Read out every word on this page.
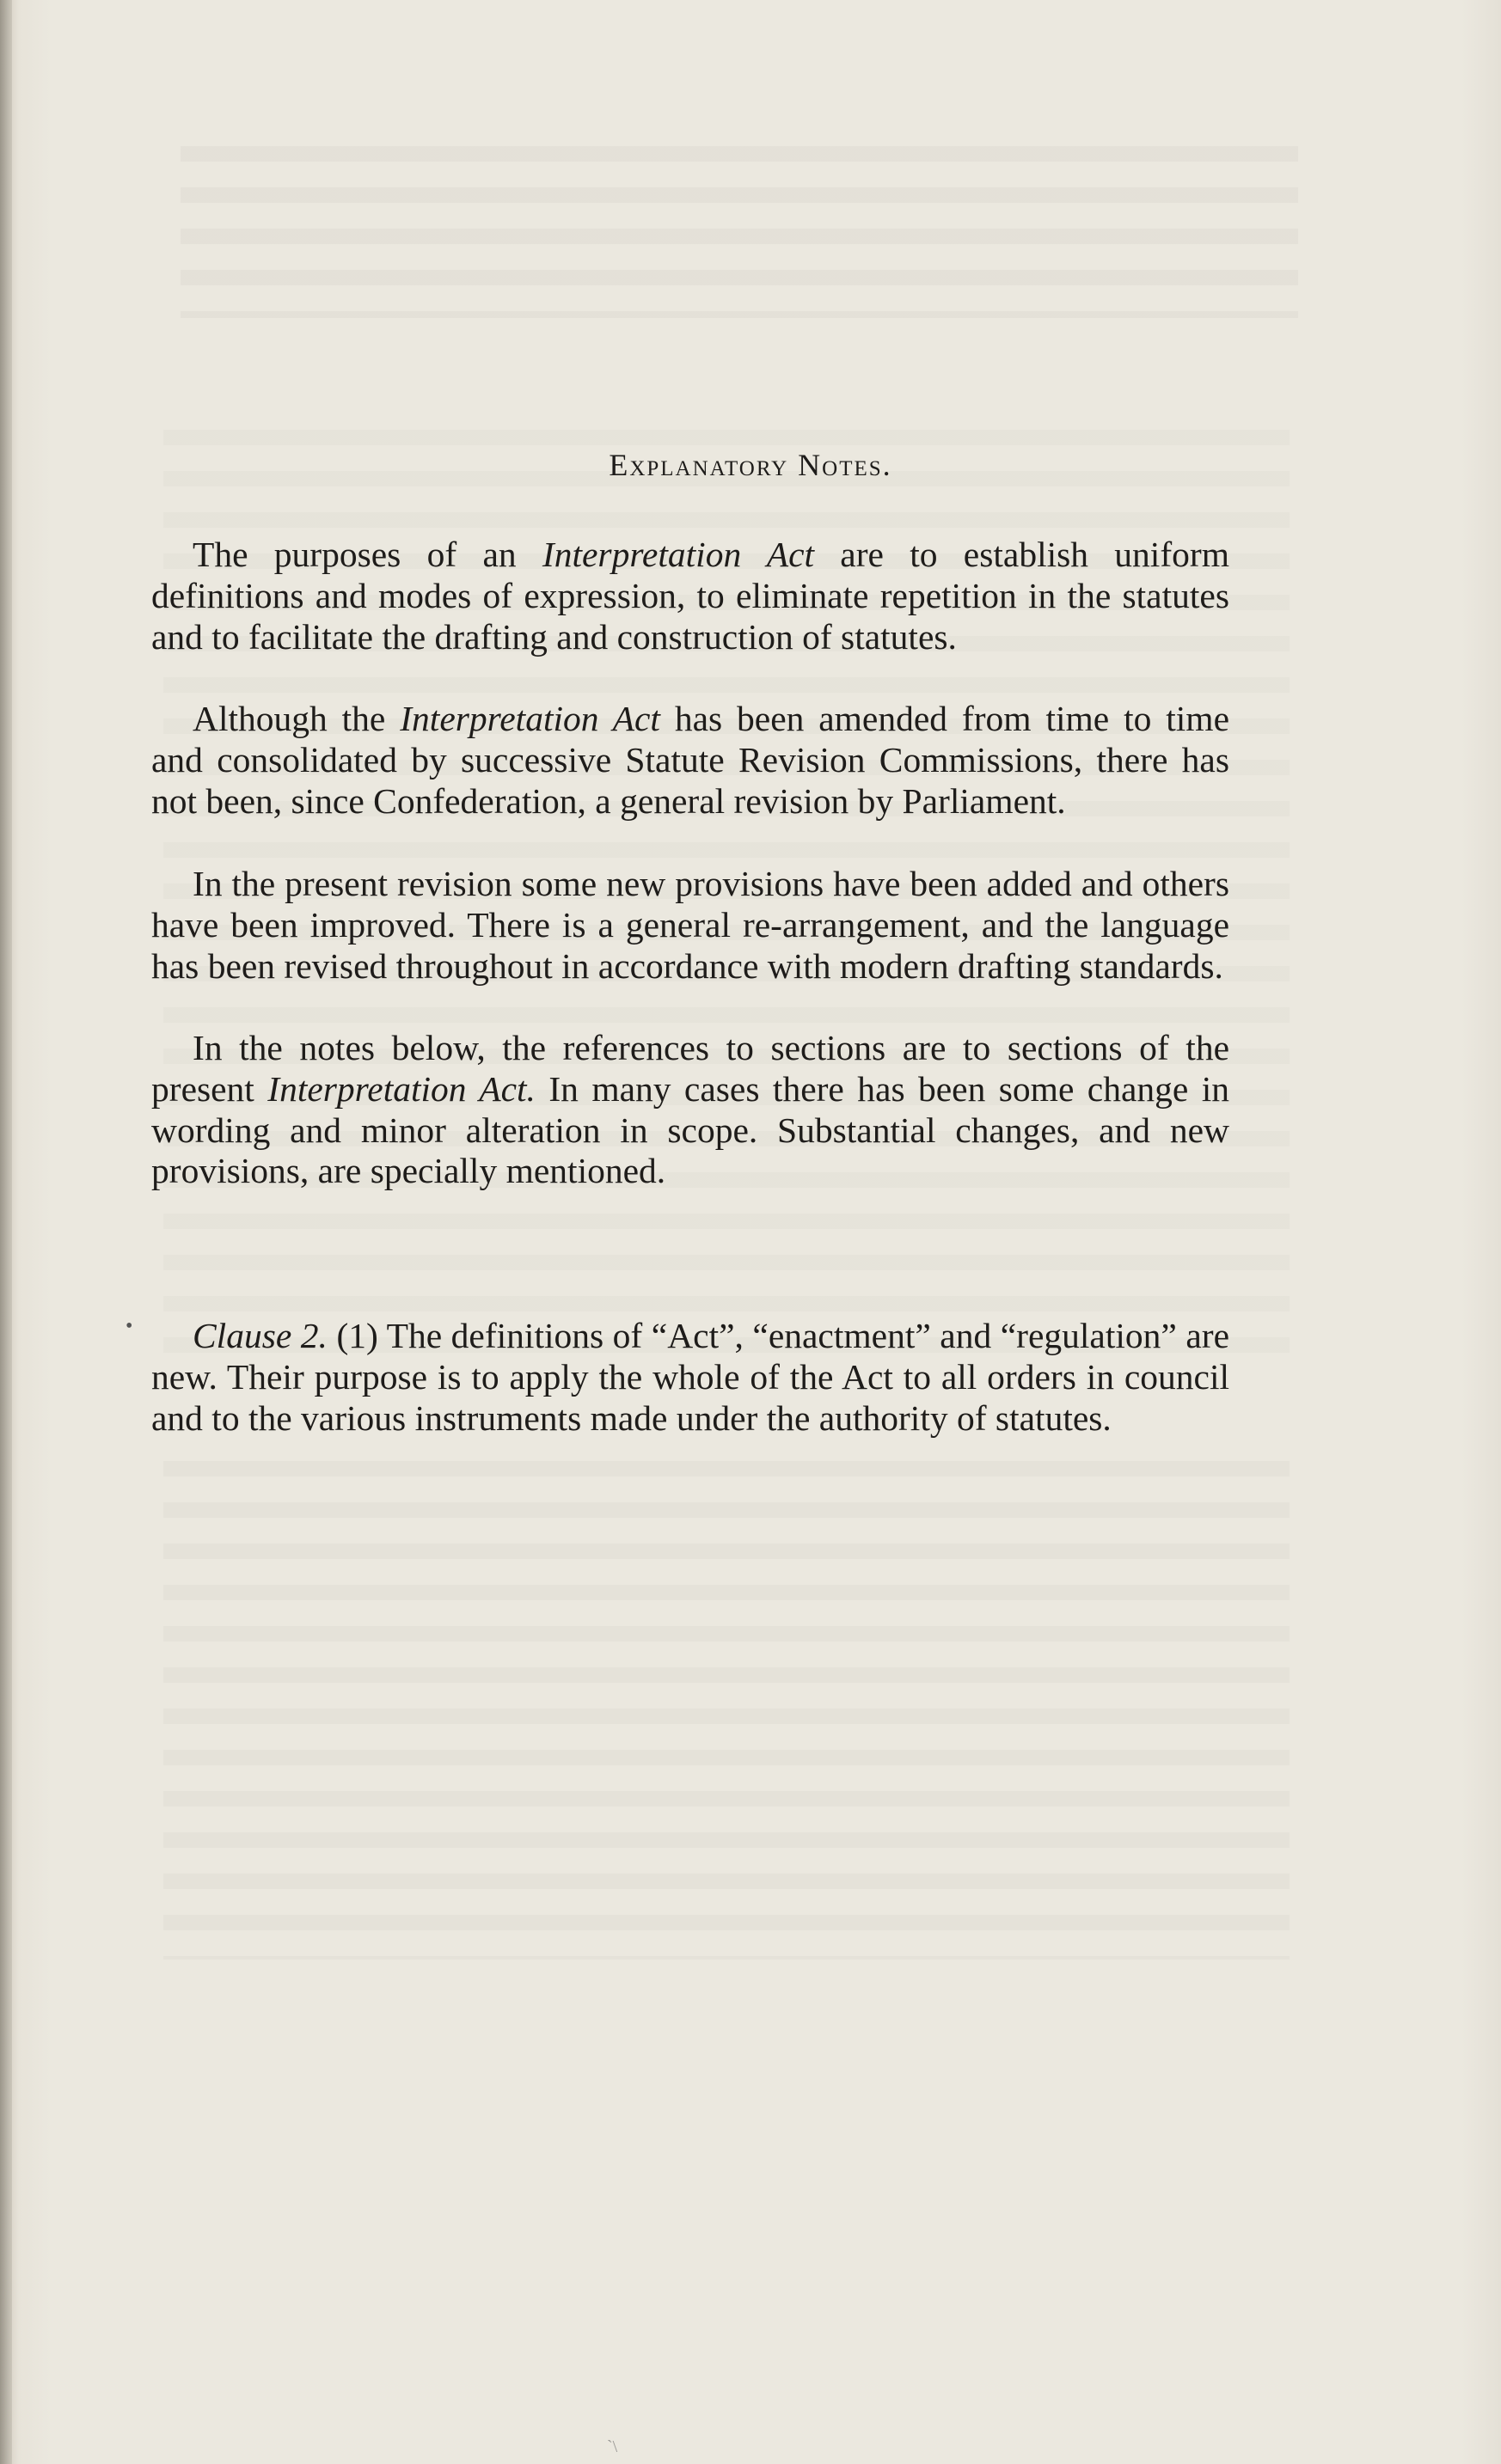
Explanatory Notes.

The purposes of an Interpretation Act are to establish uniform definitions and modes of expression, to eliminate repetition in the statutes and to facilitate the drafting and construction of statutes.

Although the Interpretation Act has been amended from time to time and consolidated by successive Statute Revision Commissions, there has not been, since Confederation, a general revision by Parliament.

In the present revision some new provisions have been added and others have been improved. There is a general re-arrangement, and the language has been revised throughout in accordance with modern drafting standards.

In the notes below, the references to sections are to sections of the present Interpretation Act. In many cases there has been some change in wording and minor alteration in scope. Substantial changes, and new provisions, are specially mentioned.

•	Clause 2. (1) The definitions of “Act”, “enactment” and “regulation” are new. Their purpose is to apply the whole of the Act to all orders in council and to the various instruments made under the authority of statutes.

`\
